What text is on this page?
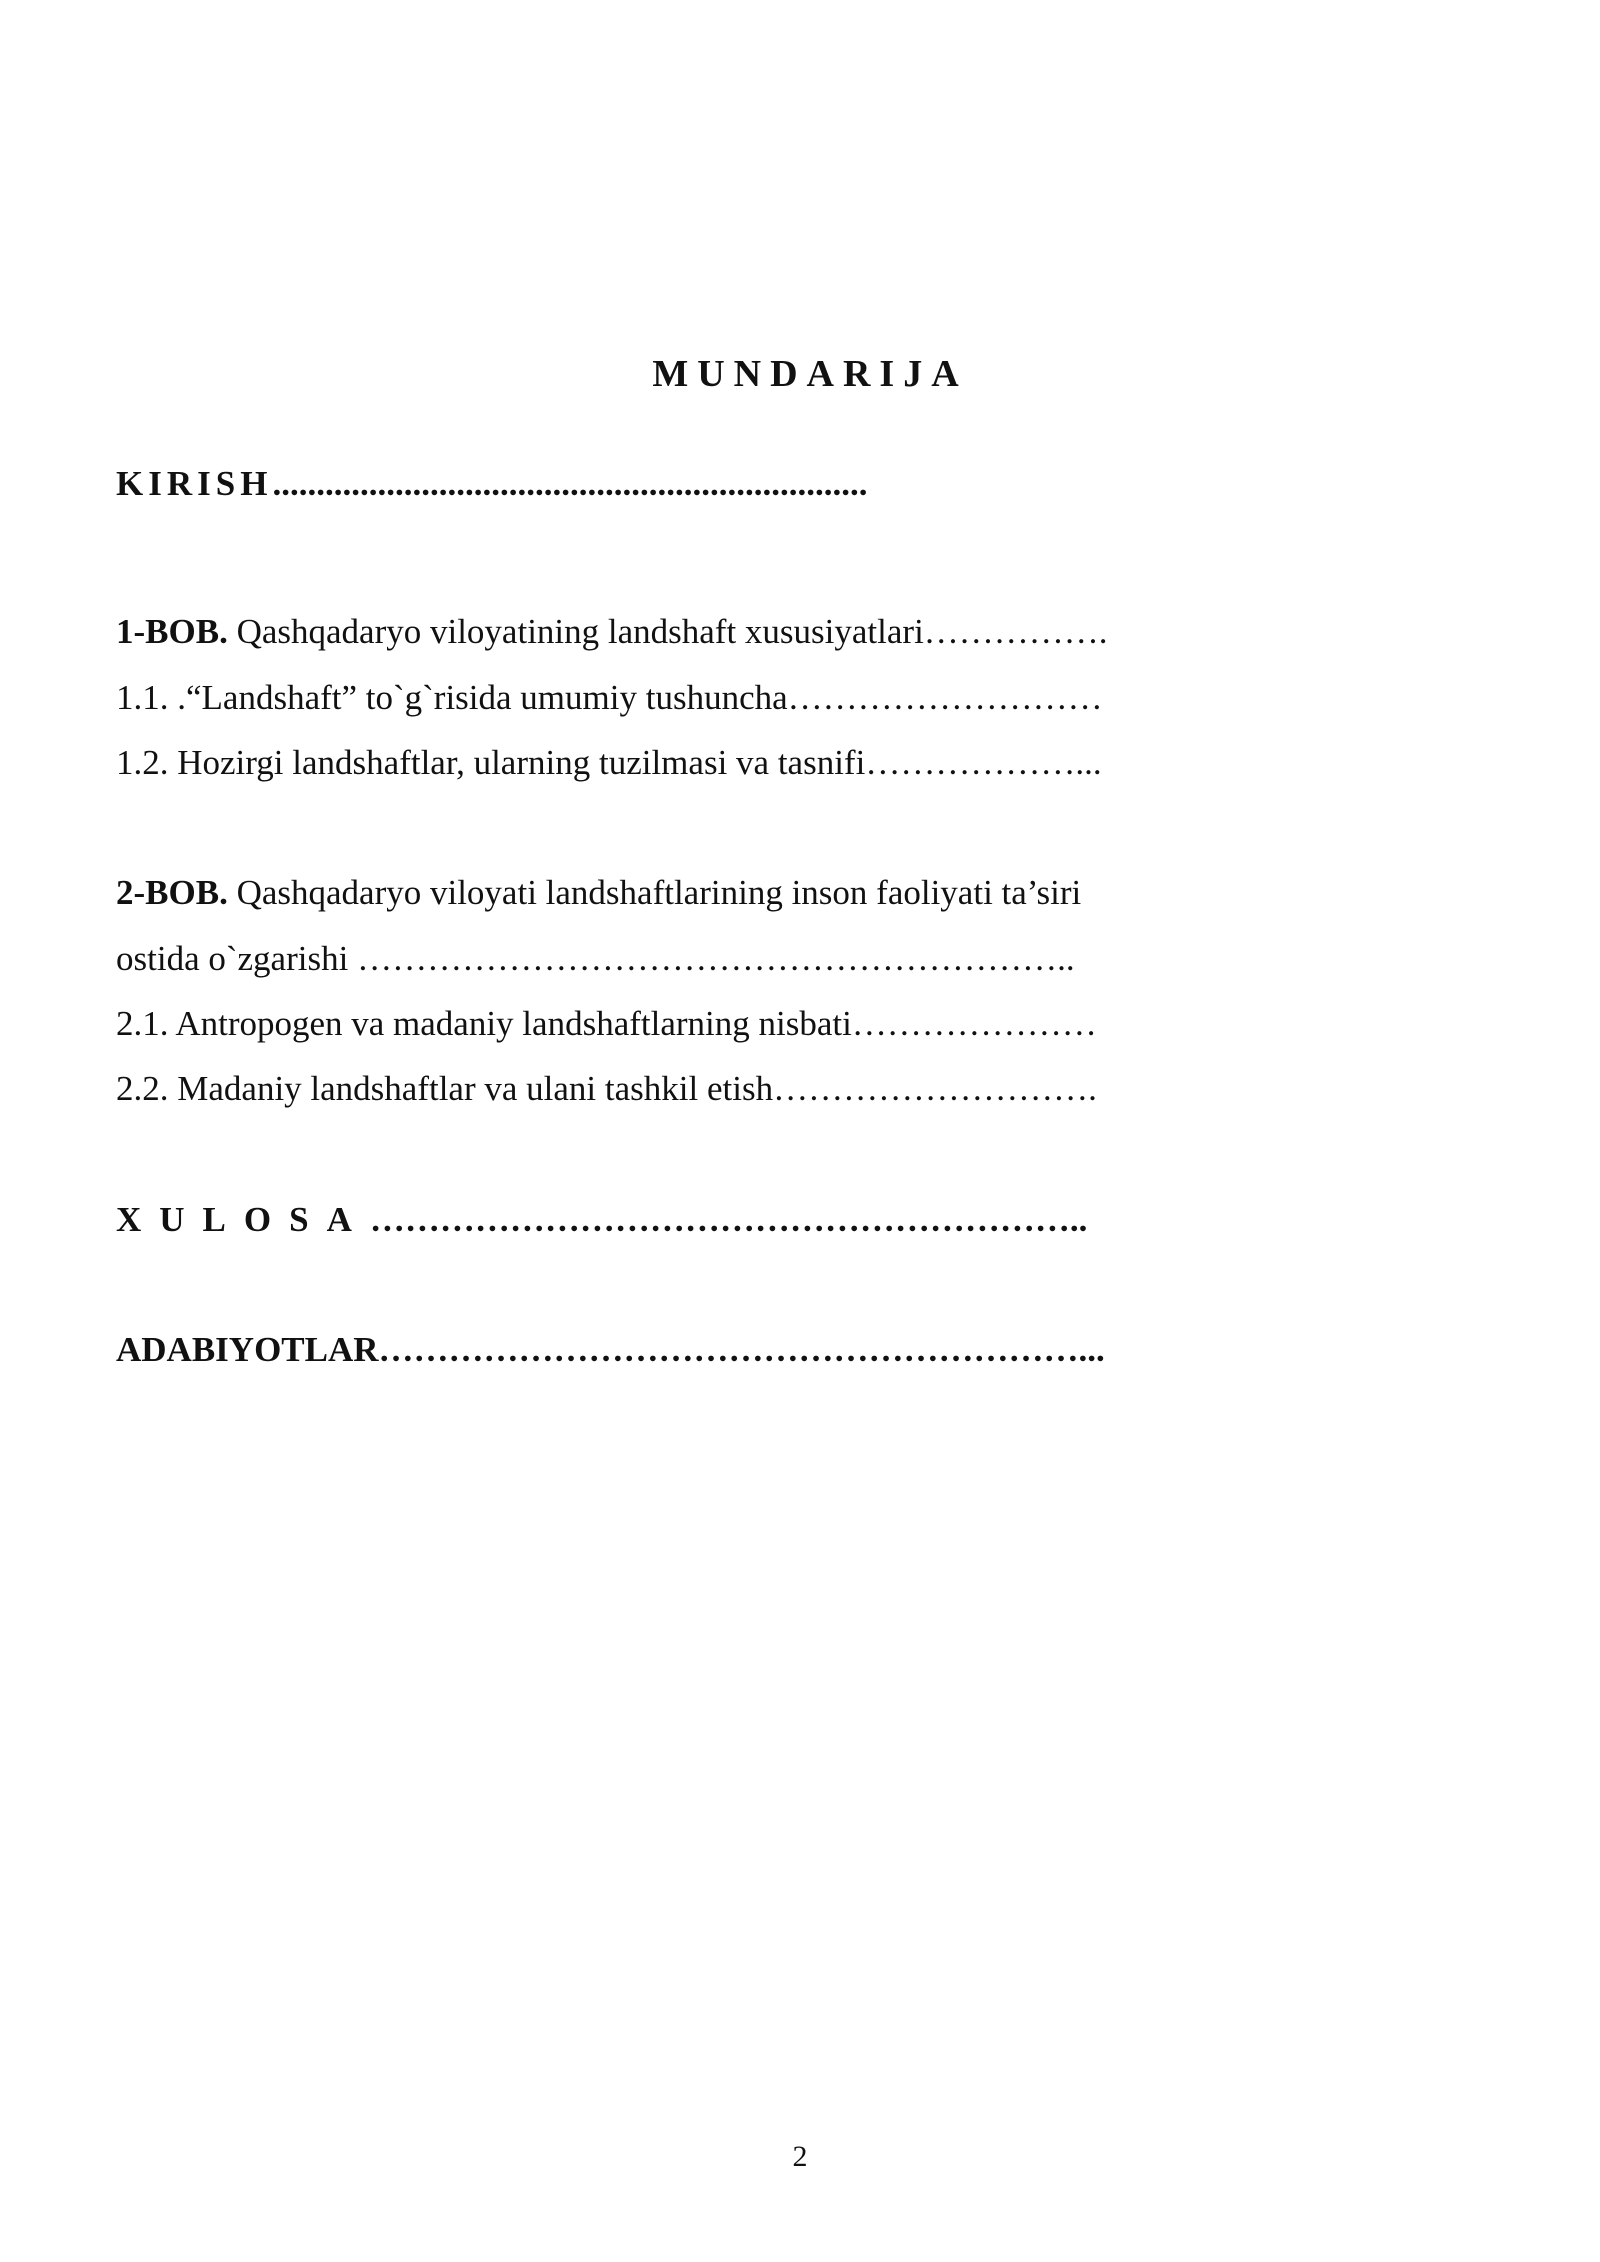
MUNDARIJA
KIRISH....................................................................
1-BOB. Qashqadaryo viloyatining landshaft xususiyatlari…………….
1.1. .“Landshaft” to`g`risida umumiy tushuncha………………………
1.2. Hozirgi landshaftlar, ularning tuzilmasi va tasnifi………………...
2-BOB. Qashqadaryo viloyati landshaftlarining inson faoliyati ta’siri
ostida o`zgarishi ……………………………………………………..
2.1. Antropogen va madaniy landshaftlarning nisbati…………………
2.2. Madaniy landshaftlar va ulani tashkil etish……………………….
XULOSA……………………………………………………..
ADABIYOTLAR……………………………………………………...
2
